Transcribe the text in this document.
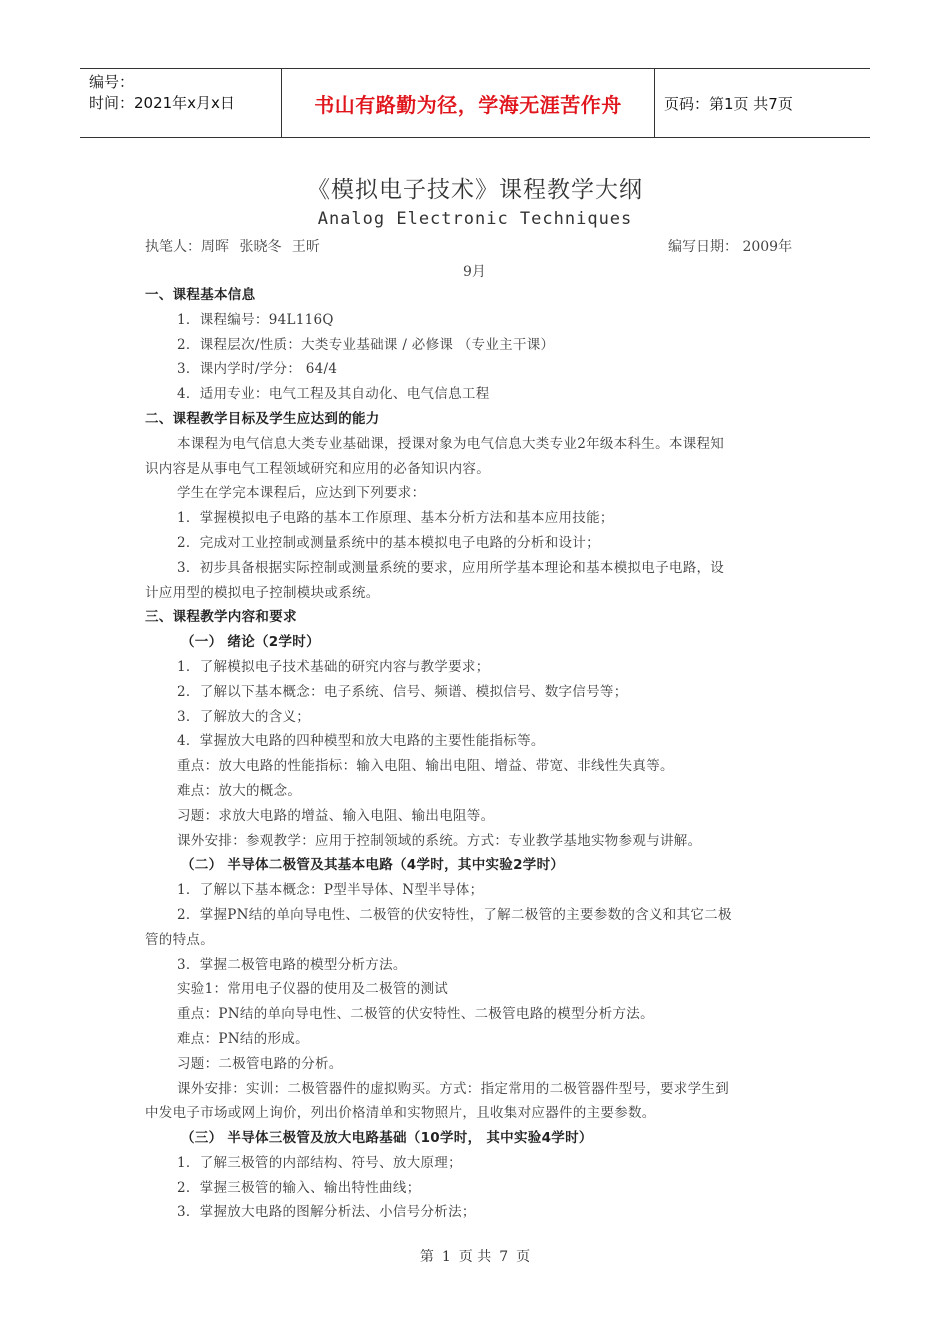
编号：
时间：2021年x月x日	书山有路勤为径，学海无涯苦作舟	页码：第1页 共7页
《模拟电子技术》课程教学大纲
Analog Electronic Techniques
执笔人：周晖 张晓冬 王昕	编写日期： 2009年
9月

一、课程基本信息

1．课程编号：94L116Q

2．课程层次/性质：大类专业基础课 / 必修课 （专业主干课）

3．课内学时/学分： 64/4

4．适用专业：电气工程及其自动化、电气信息工程

二、课程教学目标及学生应达到的能力

本课程为电气信息大类专业基础课，授课对象为电气信息大类专业2年级本科生。本课程知

识内容是从事电气工程领域研究和应用的必备知识内容。

学生在学完本课程后，应达到下列要求：

1．掌握模拟电子电路的基本工作原理、基本分析方法和基本应用技能；

2．完成对工业控制或测量系统中的基本模拟电子电路的分析和设计；

3．初步具备根据实际控制或测量系统的要求，应用所学基本理论和基本模拟电子电路，设

计应用型的模拟电子控制模块或系统。

三、课程教学内容和要求

（一） 绪论（2学时）

1．了解模拟电子技术基础的研究内容与教学要求；

2．了解以下基本概念：电子系统、信号、频谱、模拟信号、数字信号等；

3．了解放大的含义；

4．掌握放大电路的四种模型和放大电路的主要性能指标等。

重点：放大电路的性能指标：输入电阻、输出电阻、增益、带宽、非线性失真等。

难点：放大的概念。

习题：求放大电路的增益、输入电阻、输出电阻等。

课外安排：参观教学：应用于控制领域的系统。方式：专业教学基地实物参观与讲解。

（二） 半导体二极管及其基本电路（4学时，其中实验2学时）

1．了解以下基本概念：P型半导体、N型半导体；

2．掌握PN结的单向导电性、二极管的伏安特性，了解二极管的主要参数的含义和其它二极

管的特点。

3．掌握二极管电路的模型分析方法。

实验1：常用电子仪器的使用及二极管的测试

重点：PN结的单向导电性、二极管的伏安特性、二极管电路的模型分析方法。

难点：PN结的形成。

习题：二极管电路的分析。

课外安排：实训：二极管器件的虚拟购买。方式：指定常用的二极管器件型号，要求学生到

中发电子市场或网上询价，列出价格清单和实物照片，且收集对应器件的主要参数。

（三） 半导体三极管及放大电路基础（10学时， 其中实验4学时）

1．了解三极管的内部结构、符号、放大原理；

2．掌握三极管的输入、输出特性曲线；

3．掌握放大电路的图解分析法、小信号分析法；

第 1 页 共 7 页
